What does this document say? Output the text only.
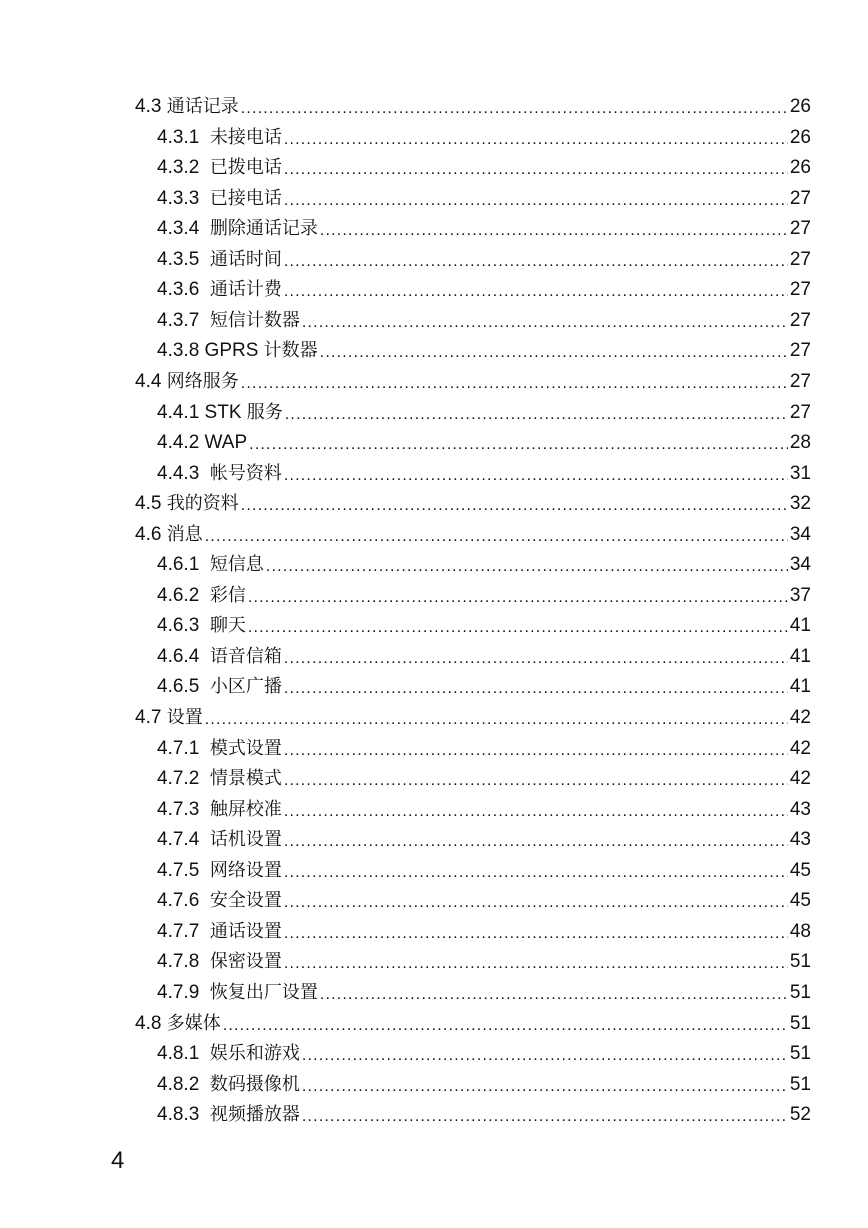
4.3 通话记录 .....	26
4.3.1 未接电话 .....	26
4.3.2 已拨电话 .....	26
4.3.3 已接电话 .....	27
4.3.4 删除通话记录 .....	27
4.3.5 通话时间 .....	27
4.3.6 通话计费 .....	27
4.3.7 短信计数器 .....	27
4.3.8 GPRS 计数器 .....	27
4.4 网络服务 .....	27
4.4.1 STK 服务 .....	27
4.4.2 WAP .....	28
4.4.3 帐号资料 .....	31
4.5 我的资料 .....	32
4.6 消息 .....	34
4.6.1 短信息 .....	34
4.6.2 彩信 .....	37
4.6.3 聊天 .....	41
4.6.4 语音信箱 .....	41
4.6.5 小区广播 .....	41
4.7 设置 .....	42
4.7.1 模式设置 .....	42
4.7.2 情景模式 .....	42
4.7.3 触屏校准 .....	43
4.7.4 话机设置 .....	43
4.7.5 网络设置 .....	45
4.7.6 安全设置 .....	45
4.7.7 通话设置 .....	48
4.7.8 保密设置 .....	51
4.7.9 恢复出厂设置 .....	51
4.8 多媒体 .....	51
4.8.1 娱乐和游戏 .....	51
4.8.2 数码摄像机 .....	51
4.8.3 视频播放器 .....	52
4
